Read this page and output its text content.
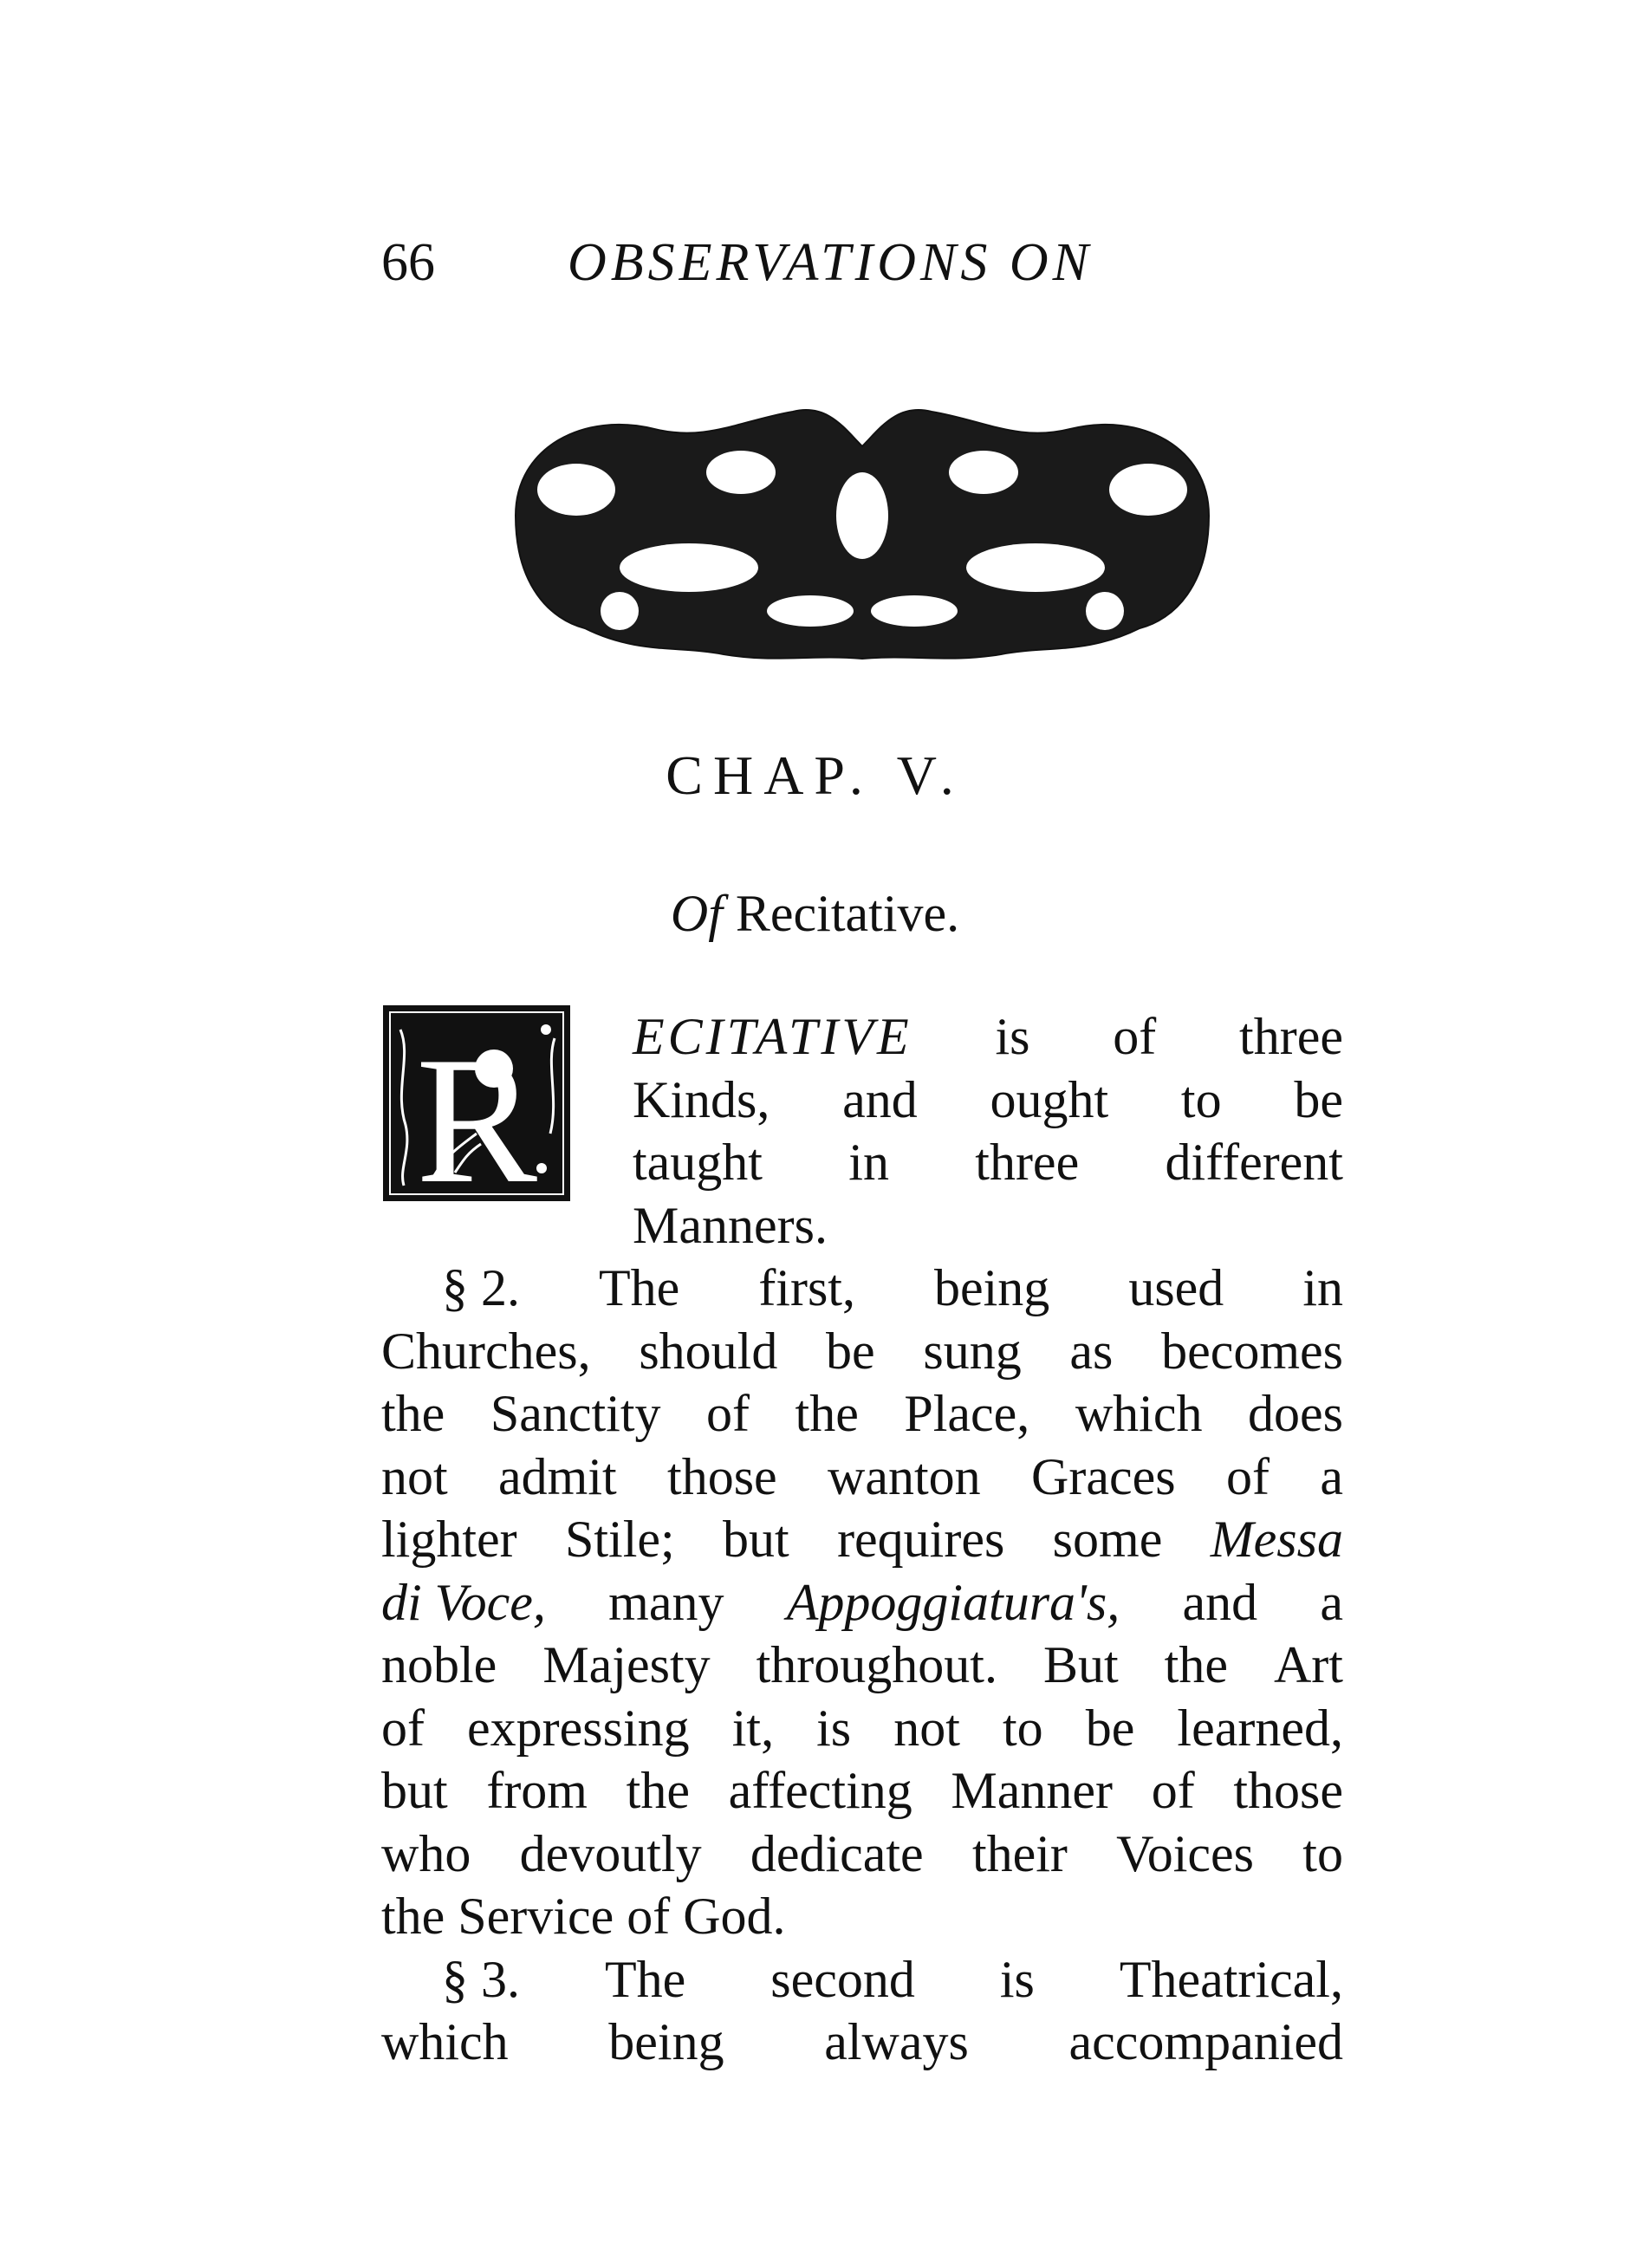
66 OBSERVATIONS ON
CHAP. V.
Of Recitative.
R ECITATIVE is of three
Kinds, and ought to be
taught in three different
Manners.
§ 2. The first, being used in
Churches, should be sung as becomes
the Sanctity of the Place, which does
not admit those wanton Graces of a
lighter Stile; but requires some Messa
di Voce, many Appoggiatura's, and a
noble Majesty throughout. But the Art
of expressing it, is not to be learned,
but from the affecting Manner of those
who devoutly dedicate their Voices to
the Service of God.
§ 3. The second is Theatrical,
which being always accompanied
